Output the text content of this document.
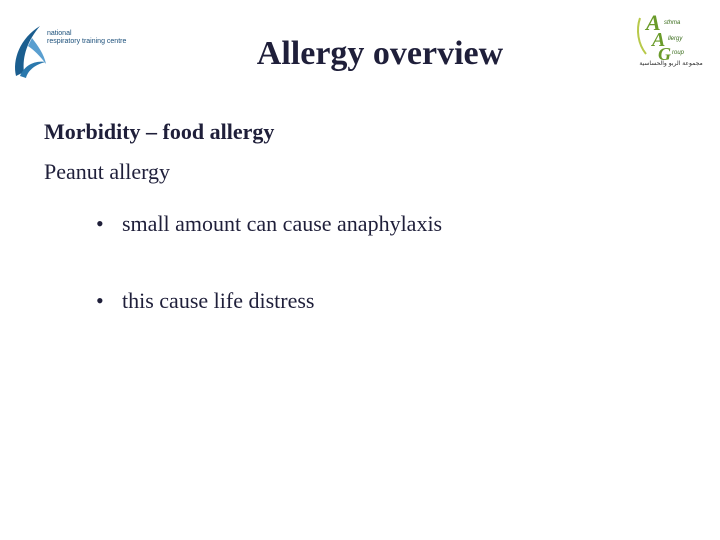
national
respiratory training centre	Allergy overview
A
A
G
sthma
llergy
roup
مجموعة الربو والحساسية

Morbidity – food allergy

Peanut allergy

• small amount can cause anaphylaxis
• this cause life distress
